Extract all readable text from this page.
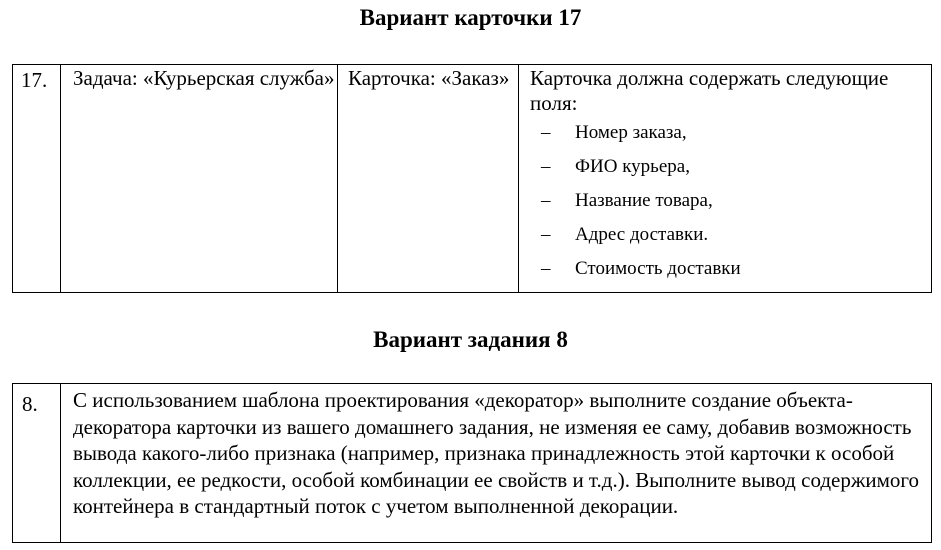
Вариант карточки 17
17.	Задача: «Курьерская служба»	Карточка: «Заказ»	Карточка должна содержать следующие поля:
– Номер заказа,
– ФИО курьера,
– Название товара,
– Адрес доставки.
– Стоимость доставки
Вариант задания 8
8.	С использованием шаблона проектирования «декоратор» выполните создание объекта-декоратора карточки из вашего домашнего задания, не изменяя ее саму, добавив возможность вывода какого-либо признака (например, признака принадлежность этой карточки к особой коллекции, ее редкости, особой комбинации ее свойств и т.д.). Выполните вывод содержимого контейнера в стандартный поток с учетом выполненной декорации.
